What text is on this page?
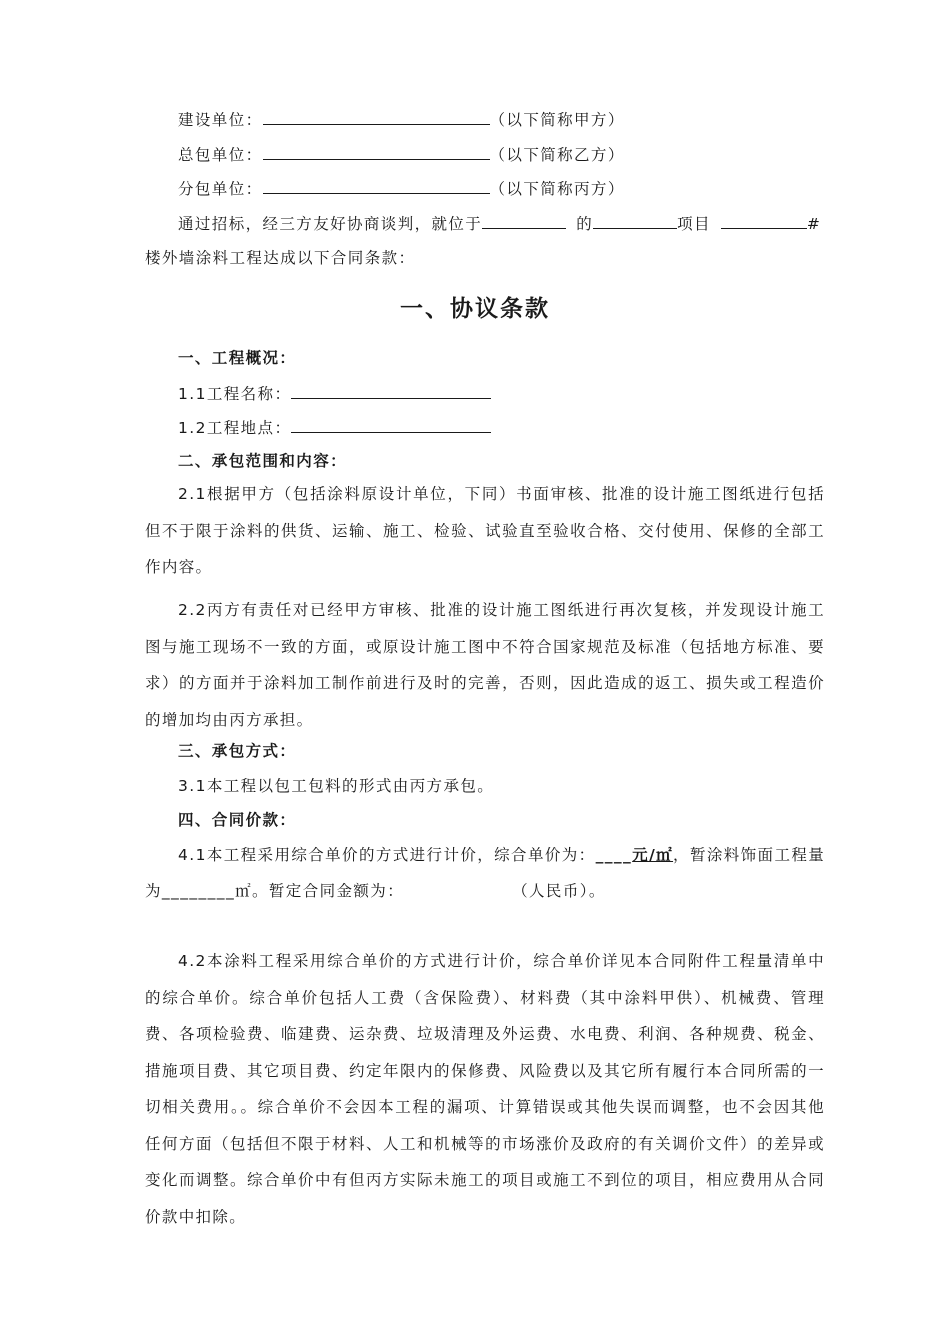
建设单位：	（以下简称甲方）
总包单位：	（以下简称乙方）
分包单位：	（以下简称丙方）
通过招标，经三方友好协商谈判，就位于	的	项目	#
楼外墙涂料工程达成以下合同条款：
一、协议条款
一、工程概况：
1.1工程名称：
1.2工程地点：
二、承包范围和内容：
2.1根据甲方（包括涂料原设计单位，下同）书面审核、批准的设计施工图纸进行包括但不于限于涂料的供货、运输、施工、检验、试验直至验收合格、交付使用、保修的全部工作内容。
2.2丙方有责任对已经甲方审核、批准的设计施工图纸进行再次复核，并发现设计施工图与施工现场不一致的方面，或原设计施工图中不符合国家规范及标准（包括地方标准、要求）的方面并于涂料加工制作前进行及时的完善，否则，因此造成的返工、损失或工程造价的增加均由丙方承担。
三、承包方式：
3.1本工程以包工包料的形式由丙方承包。
四、合同价款：
4.1本工程采用综合单价的方式进行计价，综合单价为：____元/㎡，暂涂料饰面工程量
为________㎡。暂定合同金额为：	（人民币）。
4.2本涂料工程采用综合单价的方式进行计价，综合单价详见本合同附件工程量清单中的综合单价。综合单价包括人工费（含保险费）、材料费（其中涂料甲供）、机械费、管理费、各项检验费、临建费、运杂费、垃圾清理及外运费、水电费、利润、各种规费、税金、措施项目费、其它项目费、约定年限内的保修费、风险费以及其它所有履行本合同所需的一切相关费用。。综合单价不会因本工程的漏项、计算错误或其他失误而调整，也不会因其他任何方面（包括但不限于材料、人工和机械等的市场涨价及政府的有关调价文件）的差异或变化而调整。综合单价中有但丙方实际未施工的项目或施工不到位的项目，相应费用从合同价款中扣除。
